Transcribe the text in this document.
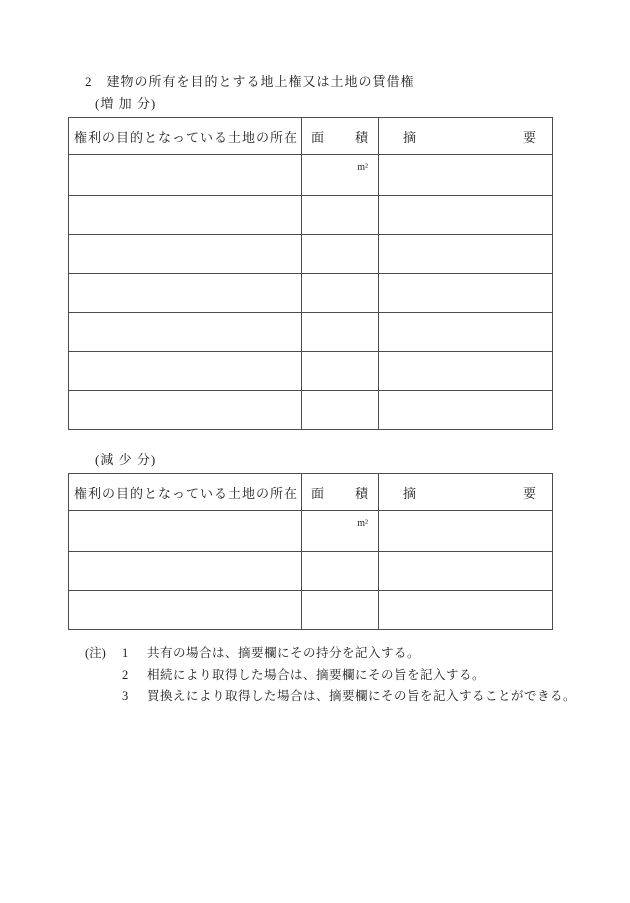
2　建物の所有を目的とする地上権又は土地の賃借権
(増 加 分)
権利の目的となっている土地の所在	面 積	摘 要

	m²	

(減 少 分)
権利の目的となっている土地の所在	面 積	摘 要

	m²	

(注)	1	共有の場合は、摘要欄にその持分を記入する。
2	相続により取得した場合は、摘要欄にその旨を記入する。
3	買換えにより取得した場合は、摘要欄にその旨を記入することができる。
